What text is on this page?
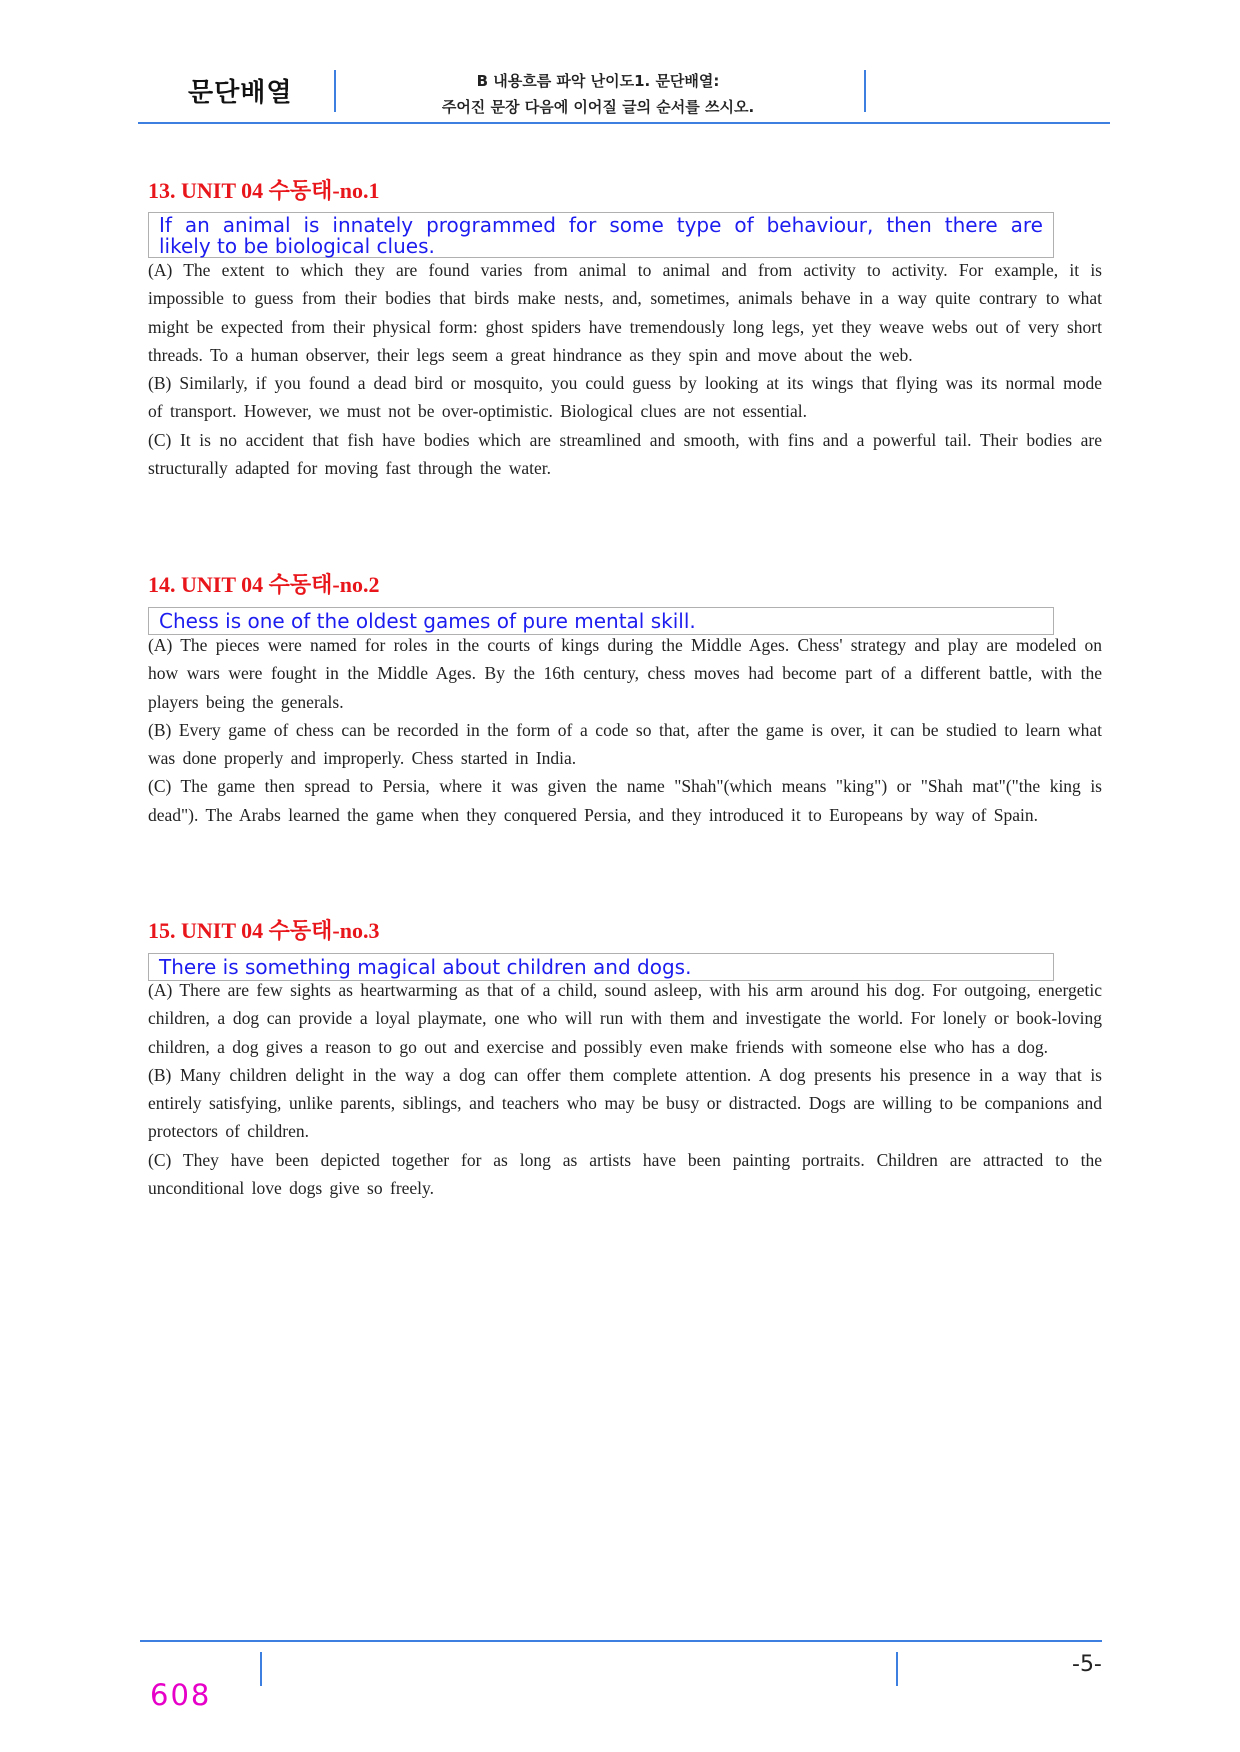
문단배열	B 내용흐름 파악 난이도1. 문단배열:
주어진 문장 다음에 이어질 글의 순서를 쓰시오.
13. UNIT 04 수동태-no.1
If an animal is innately programmed for some type of behaviour, then there are
likely to be biological clues.

(A) The extent to which they are found varies from animal to animal and from activity to activity. For example, it is impossible to guess from their bodies that birds make nests, and, sometimes, animals behave in a way quite contrary to what might be expected from their physical form: ghost spiders have tremendously long legs, yet they weave webs out of very short threads. To a human observer, their legs seem a great hindrance as they spin and move about the web.

(B) Similarly, if you found a dead bird or mosquito, you could guess by looking at its wings that flying was its normal mode of transport. However, we must not be over-optimistic. Biological clues are not essential.

(C) It is no accident that fish have bodies which are streamlined and smooth, with fins and a powerful tail. Their bodies are structurally adapted for moving fast through the water.

14. UNIT 04 수동태-no.2
Chess is one of the oldest games of pure mental skill.

(A) The pieces were named for roles in the courts of kings during the Middle Ages. Chess' strategy and play are modeled on how wars were fought in the Middle Ages. By the 16th century, chess moves had become part of a different battle, with the players being the generals.

(B) Every game of chess can be recorded in the form of a code so that, after the game is over, it can be studied to learn what was done properly and improperly. Chess started in India.

(C) The game then spread to Persia, where it was given the name "Shah"(which means "king") or "Shah mat"("the king is dead"). The Arabs learned the game when they conquered Persia, and they introduced it to Europeans by way of Spain.

15. UNIT 04 수동태-no.3
There is something magical about children and dogs.

(A) There are few sights as heartwarming as that of a child, sound asleep, with his arm around his dog. For outgoing, energetic children, a dog can provide a loyal playmate, one who will run with them and investigate the world. For lonely or book-loving children, a dog gives a reason to go out and exercise and possibly even make friends with someone else who has a dog.

(B) Many children delight in the way a dog can offer them complete attention. A dog presents his presence in a way that is entirely satisfying, unlike parents, siblings, and teachers who may be busy or distracted. Dogs are willing to be companions and protectors of children.

(C) They have been depicted together for as long as artists have been painting portraits. Children are attracted to the unconditional love dogs give so freely.

-5-
608
